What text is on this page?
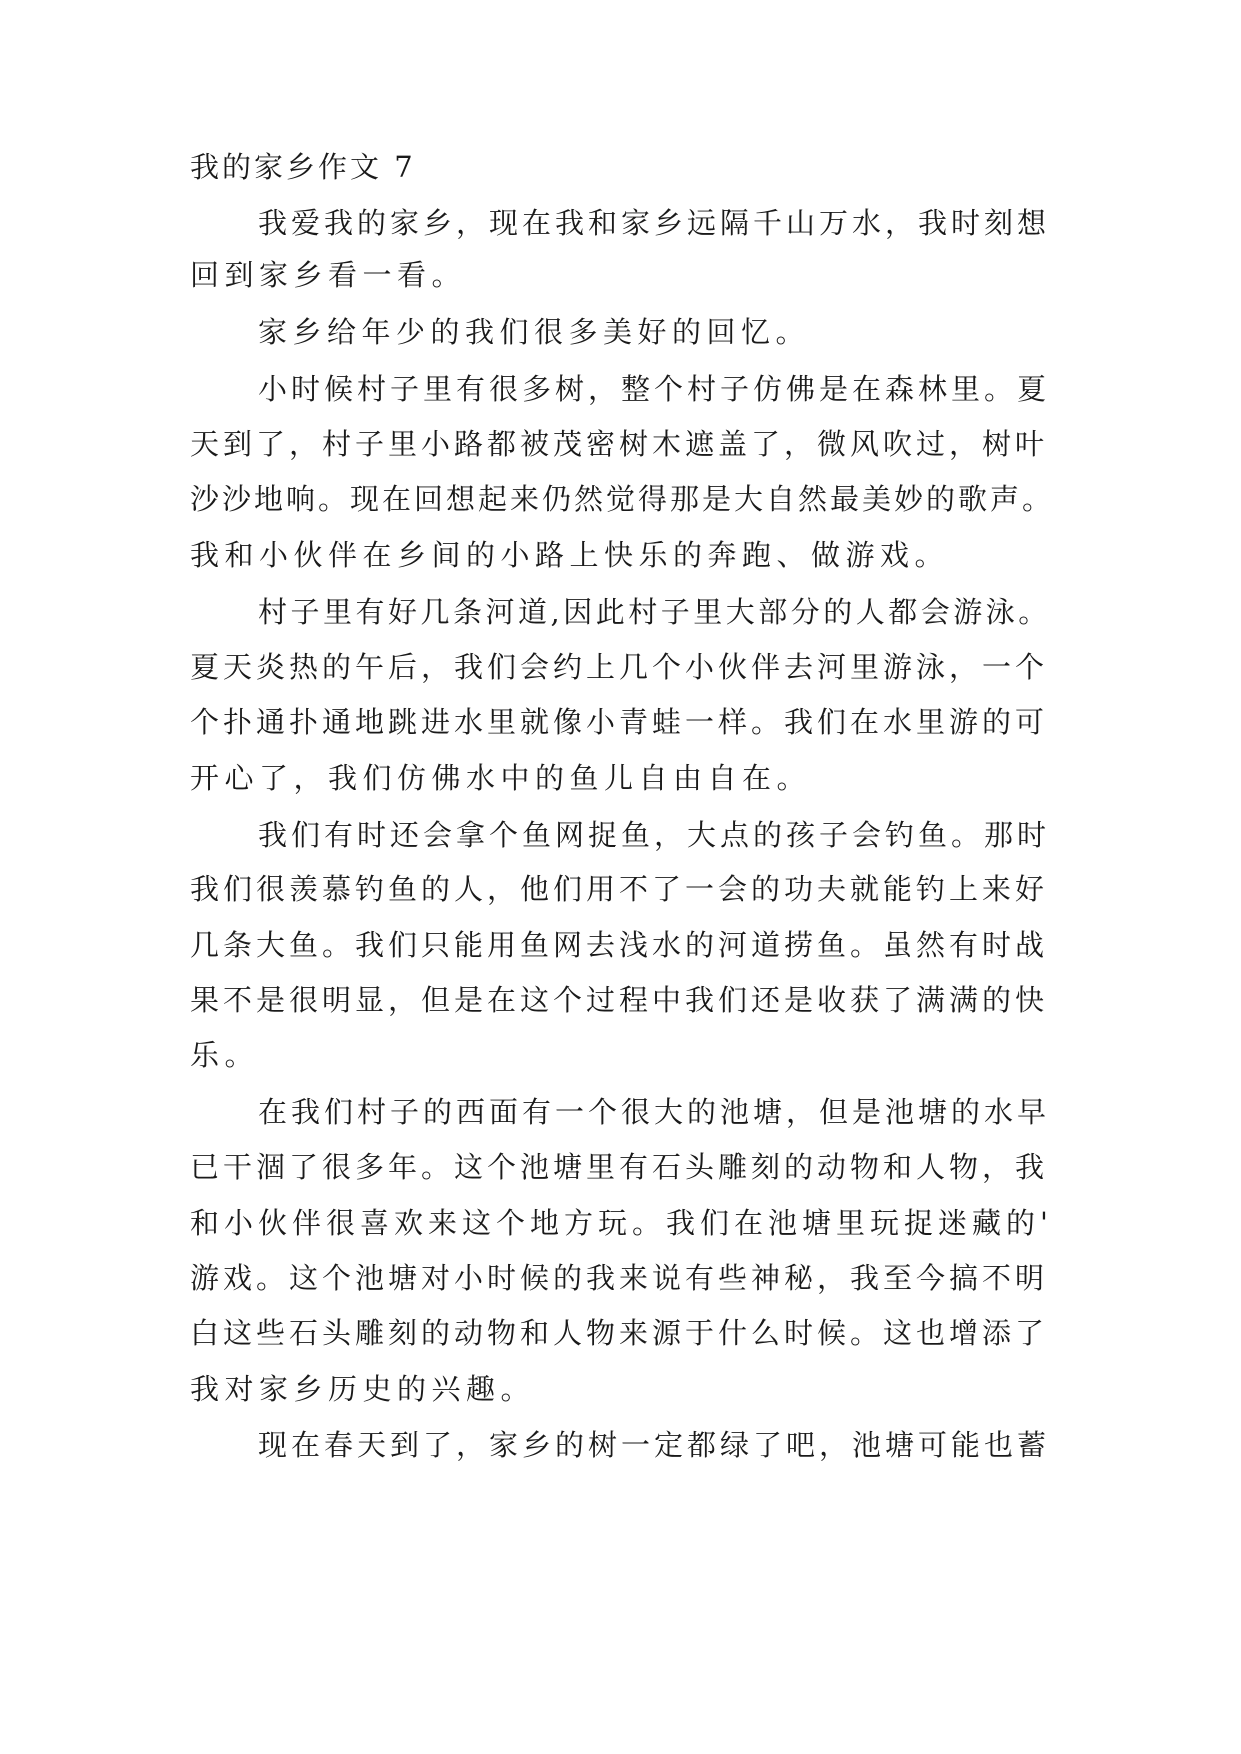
我的家乡作文 7

我爱我的家乡，现在我和家乡远隔千山万水，我时刻想

回到家乡看一看。

家乡给年少的我们很多美好的回忆。

小时候村子里有很多树，整个村子仿佛是在森林里。夏

天到了，村子里小路都被茂密树木遮盖了，微风吹过，树叶

沙沙地响。现在回想起来仍然觉得那是大自然最美妙的歌声。

我和小伙伴在乡间的小路上快乐的奔跑、做游戏。

村子里有好几条河道,因此村子里大部分的人都会游泳。

夏天炎热的午后，我们会约上几个小伙伴去河里游泳，一个

个扑通扑通地跳进水里就像小青蛙一样。我们在水里游的可

开心了，我们仿佛水中的鱼儿自由自在。

我们有时还会拿个鱼网捉鱼，大点的孩子会钓鱼。那时

我们很羡慕钓鱼的人，他们用不了一会的功夫就能钓上来好

几条大鱼。我们只能用鱼网去浅水的河道捞鱼。虽然有时战

果不是很明显，但是在这个过程中我们还是收获了满满的快

乐。

在我们村子的西面有一个很大的池塘，但是池塘的水早

已干涸了很多年。这个池塘里有石头雕刻的动物和人物，我

和小伙伴很喜欢来这个地方玩。我们在池塘里玩捉迷藏的'

游戏。这个池塘对小时候的我来说有些神秘，我至今搞不明

白这些石头雕刻的动物和人物来源于什么时候。这也增添了

我对家乡历史的兴趣。

现在春天到了，家乡的树一定都绿了吧，池塘可能也蓄
